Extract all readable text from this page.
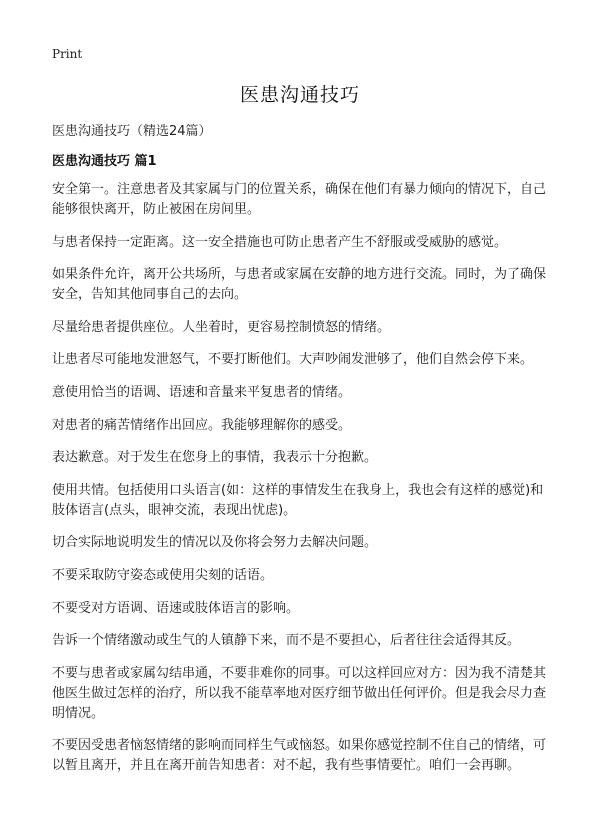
Print
医患沟通技巧

医患沟通技巧（精选24篇）

医患沟通技巧 篇1

安全第一。注意患者及其家属与门的位置关系，确保在他们有暴力倾向的情况下，自己能够很快离开，防止被困在房间里。

与患者保持一定距离。这一安全措施也可防止患者产生不舒服或受威胁的感觉。

如果条件允许，离开公共场所，与患者或家属在安静的地方进行交流。同时，为了确保安全，告知其他同事自己的去向。

尽量给患者提供座位。人坐着时，更容易控制愤怒的情绪。

让患者尽可能地发泄怒气，不要打断他们。大声吵闹发泄够了，他们自然会停下来。

意使用恰当的语调、语速和音量来平复患者的情绪。

对患者的痛苦情绪作出回应。我能够理解你的感受。

表达歉意。对于发生在您身上的事情，我表示十分抱歉。

使用共情。包括使用口头语言(如：这样的事情发生在我身上，我也会有这样的感觉)和肢体语言(点头，眼神交流，表现出忧虑)。

切合实际地说明发生的情况以及你将会努力去解决问题。

不要采取防守姿态或使用尖刻的话语。

不要受对方语调、语速或肢体语言的影响。

告诉一个情绪激动或生气的人镇静下来，而不是不要担心，后者往往会适得其反。

不要与患者或家属勾结串通，不要非难你的同事。可以这样回应对方：因为我不清楚其他医生做过怎样的治疗，所以我不能草率地对医疗细节做出任何评价。但是我会尽力查明情况。

不要因受患者恼怒情绪的影响而同样生气或恼怒。如果你感觉控制不住自己的情绪，可以暂且离开，并且在离开前告知患者：对不起，我有些事情要忙。咱们一会再聊。
